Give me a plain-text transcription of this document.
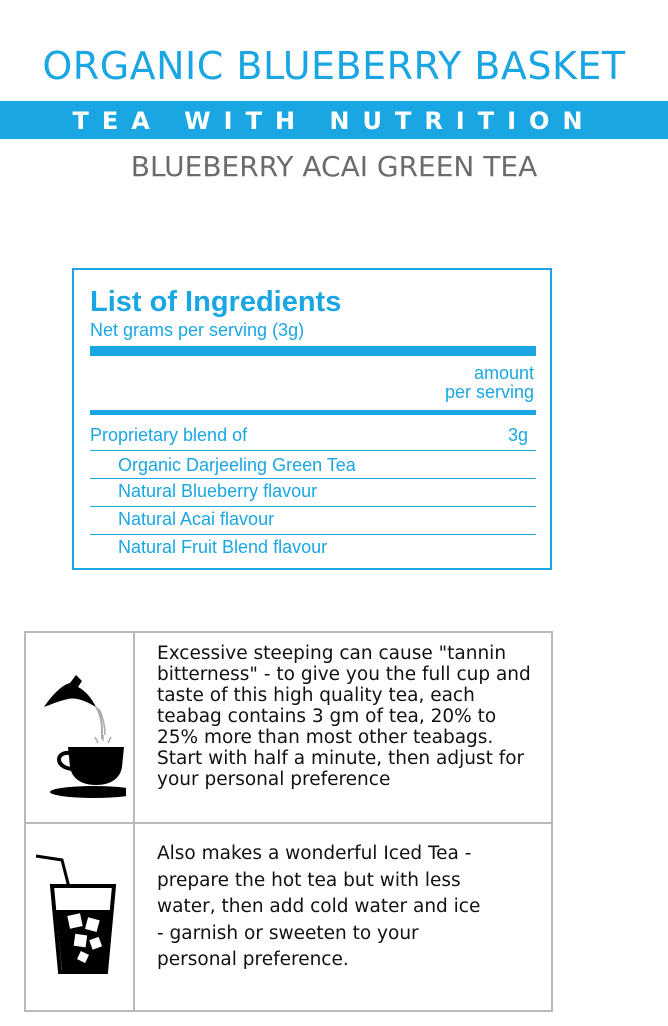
ORGANIC BLUEBERRY BASKET
TEA WITH NUTRITION
BLUEBERRY ACAI GREEN TEA
List of Ingredients
Net grams per serving (3g)
amount
per serving
Proprietary blend of	3g
Organic Darjeeling Green Tea
Natural Blueberry flavour
Natural Acai flavour
Natural Fruit Blend flavour
Excessive steeping can cause "tannin bitterness" - to give you the full cup and taste of this high quality tea, each teabag contains 3 gm of tea, 20% to 25% more than most other teabags. Start with half a minute, then adjust for your personal preference
Also makes a wonderful Iced Tea - prepare the hot tea but with less water, then add cold water and ice - garnish or sweeten to your personal preference.
